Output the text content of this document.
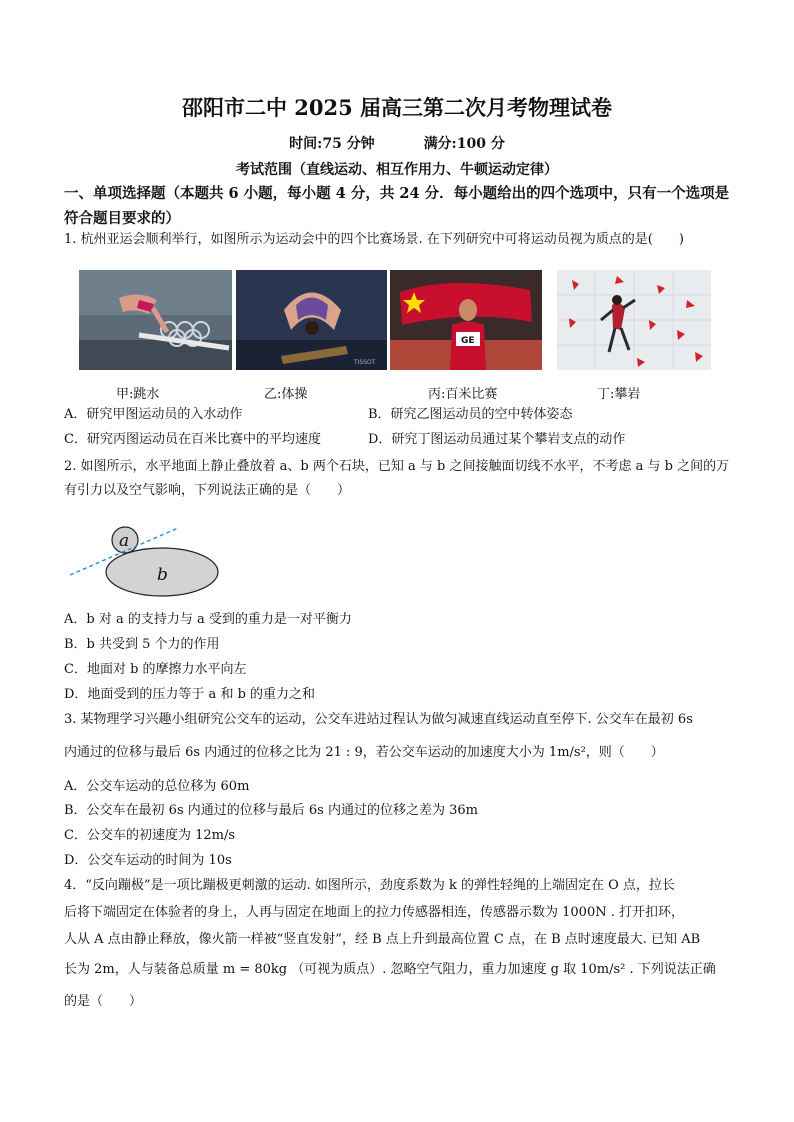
邵阳市二中 2025 届高三第二次月考物理试卷
时间:75 分钟	满分:100 分
考试范围（直线运动、相互作用力、牛顿运动定律）
一、单项选择题（本题共 6 小题，每小题 4 分，共 24 分．每小题给出的四个选项中，只有一个选项是符合题目要求的）
1. 杭州亚运会顺利举行，如图所示为运动会中的四个比赛场景. 在下列研究中可将运动员视为质点的是(　　)
TISSOT
GE
甲:跳水	乙:体操	丙:百米比赛	丁:攀岩
A．研究甲图运动员的入水动作	B．研究乙图运动员的空中转体姿态
C．研究丙图运动员在百米比赛中的平均速度	D．研究丁图运动员通过某个攀岩支点的动作
2. 如图所示，水平地面上静止叠放着 a、b 两个石块，已知 a 与 b 之间接触面切线不水平，不考虑 a 与 b 之间的万有引力以及空气影响，下列说法正确的是（　　）
a
b
A．b 对 a 的支持力与 a 受到的重力是一对平衡力
B．b 共受到 5 个力的作用
C．地面对 b 的摩擦力水平向左
D．地面受到的压力等于 a 和 b 的重力之和
3. 某物理学习兴趣小组研究公交车的运动，公交车进站过程认为做匀减速直线运动直至停下. 公交车在最初 6s
内通过的位移与最后 6s 内通过的位移之比为 21 : 9，若公交车运动的加速度大小为 1m/s²，则（　　）
A．公交车运动的总位移为 60m
B．公交车在最初 6s 内通过的位移与最后 6s 内通过的位移之差为 36m
C．公交车的初速度为 12m/s
D．公交车运动的时间为 10s
4．“反向蹦极”是一项比蹦极更刺激的运动. 如图所示，劲度系数为 k 的弹性轻绳的上端固定在 O 点，拉长
后将下端固定在体验者的身上，人再与固定在地面上的拉力传感器相连，传感器示数为 1000N . 打开扣环，
人从 A 点由静止释放，像火箭一样被“竖直发射”，经 B 点上升到最高位置 C 点，在 B 点时速度最大. 已知 AB
长为 2m，人与装备总质量 m = 80kg （可视为质点）. 忽略空气阻力，重力加速度 g 取 10m/s² . 下列说法正确
的是（　　）
